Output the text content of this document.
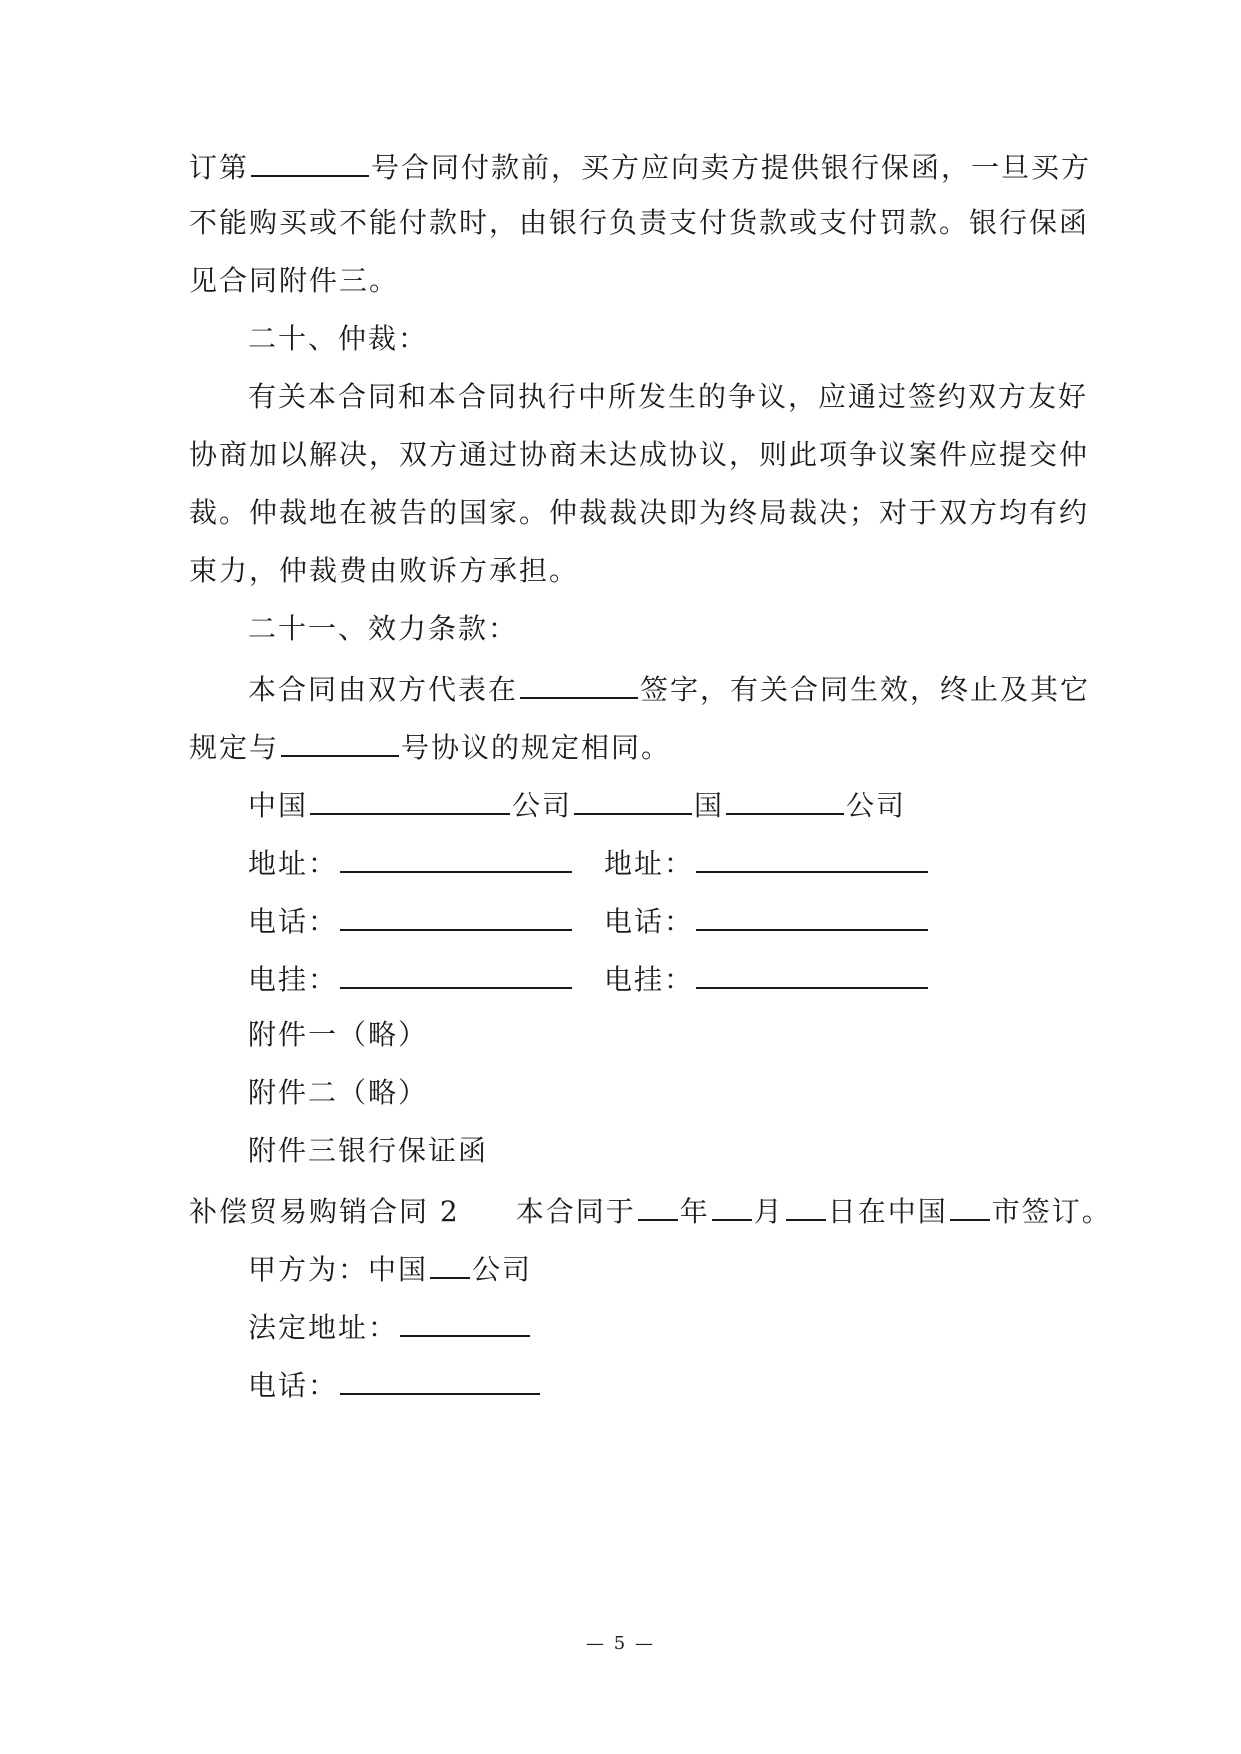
订第	号合同付款前，买方应向卖方提供银行保函，一旦买方
不能购买或不能付款时，由银行负责支付货款或支付罚款。银行保函
见合同附件三。
二十、仲裁：
有关本合同和本合同执行中所发生的争议，应通过签约双方友好
协商加以解决，双方通过协商未达成协议，则此项争议案件应提交仲
裁。仲裁地在被告的国家。仲裁裁决即为终局裁决；对于双方均有约
束力，仲裁费由败诉方承担。
二十一、效力条款：
本合同由双方代表在	签字，有关合同生效，终止及其它
规定与	号协议的规定相同。
中国	公司	国	公司
地址：	地址：
电话：	电话：
电挂：	电挂：
附件一（略）
附件二（略）
附件三银行保证函
补偿贸易购销合同 2 本合同于 年 月 日在中国 市签订。
甲方为：中国 公司
法定地址：
电话：
— 5 —
